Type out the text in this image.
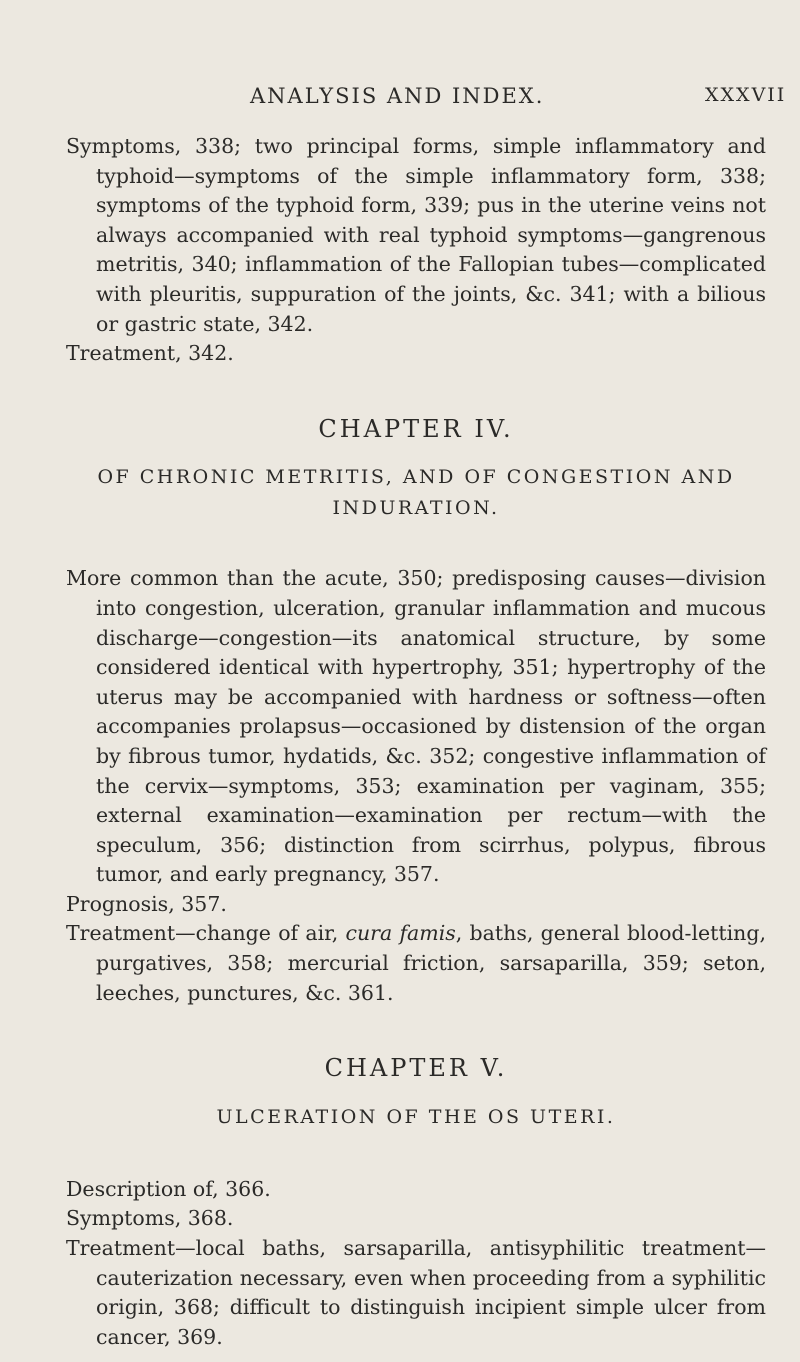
ANALYSIS AND INDEX.	XXXVII

Symptoms, 338; two principal forms, simple inflammatory and typhoid—symptoms of the simple inflammatory form, 338; symptoms of the typhoid form, 339; pus in the uterine veins not always accompanied with real typhoid symptoms—gangrenous metritis, 340; inflammation of the Fallopian tubes—complicated with pleuritis, suppuration of the joints, &c. 341; with a bilious or gastric state, 342.

Treatment, 342.

CHAPTER IV.
OF CHRONIC METRITIS, AND OF CONGESTION AND INDURATION.

More common than the acute, 350; predisposing causes—division into congestion, ulceration, granular inflammation and mucous discharge—congestion—its anatomical structure, by some considered identical with hypertrophy, 351; hypertrophy of the uterus may be accompanied with hardness or softness—often accompanies prolapsus—occasioned by distension of the organ by fibrous tumor, hydatids, &c. 352; congestive inflammation of the cervix—symptoms, 353; examination per vaginam, 355; external examination—examination per rectum—with the speculum, 356; distinction from scirrhus, polypus, fibrous tumor, and early pregnancy, 357.

Prognosis, 357.

Treatment—change of air, cura famis, baths, general blood-letting, purgatives, 358; mercurial friction, sarsaparilla, 359; seton, leeches, punctures, &c. 361.

CHAPTER V.
ULCERATION OF THE OS UTERI.

Description of, 366.

Symptoms, 368.

Treatment—local baths, sarsaparilla, antisyphilitic treatment—cauterization necessary, even when proceeding from a syphilitic origin, 368; difficult to distinguish incipient simple ulcer from cancer, 369.
